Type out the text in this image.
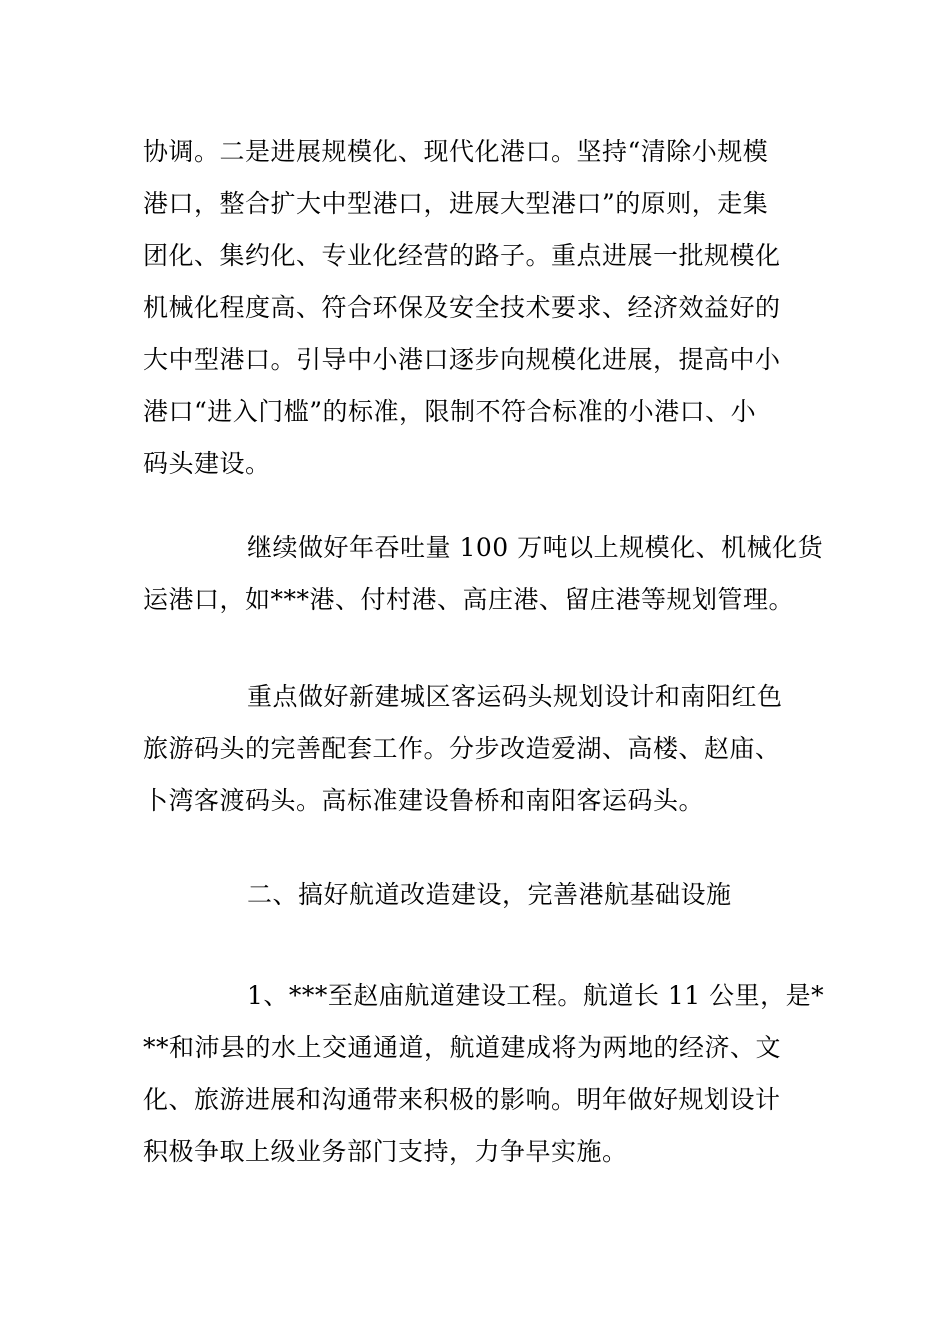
协调。二是进展规模化、现代化港口。坚持“清除小规模
港口，整合扩大中型港口，进展大型港口”的原则，走集
团化、集约化、专业化经营的路子。重点进展一批规模化
机械化程度高、符合环保及安全技术要求、经济效益好的
大中型港口。引导中小港口逐步向规模化进展，提高中小
港口“进入门槛”的标准，限制不符合标准的小港口、小
码头建设。
继续做好年吞吐量 100 万吨以上规模化、机械化货
运港口，如***港、付村港、高庄港、留庄港等规划管理。
重点做好新建城区客运码头规划设计和南阳红色
旅游码头的完善配套工作。分步改造爱湖、高楼、赵庙、
卜湾客渡码头。高标准建设鲁桥和南阳客运码头。
二、搞好航道改造建设，完善港航基础设施
1、***至赵庙航道建设工程。航道长 11 公里，是*
**和沛县的水上交通通道，航道建成将为两地的经济、文
化、旅游进展和沟通带来积极的影响。明年做好规划设计
积极争取上级业务部门支持，力争早实施。
